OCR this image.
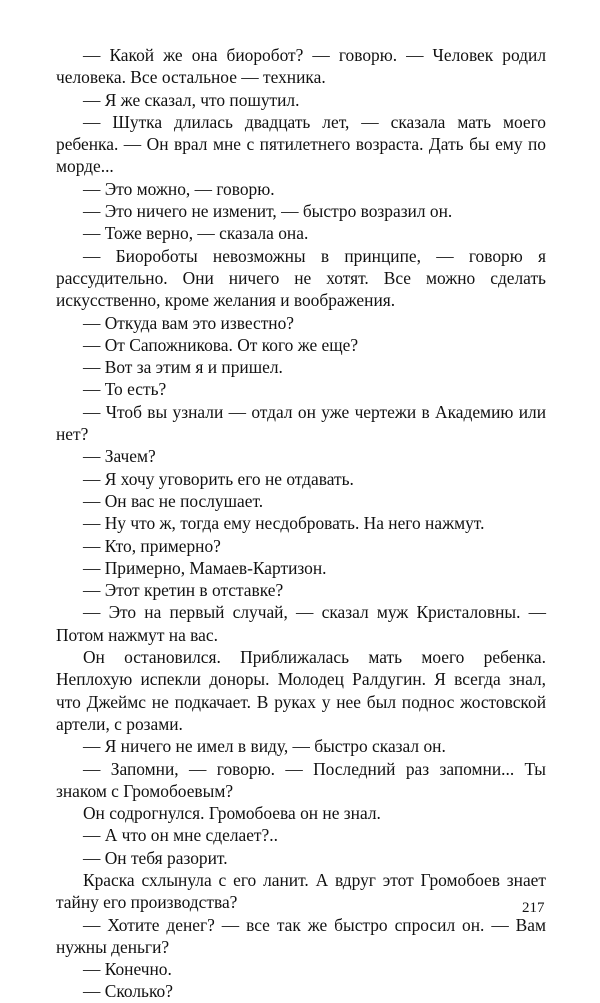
— Какой же она биоробот? — говорю. — Человек родил человека. Все остальное — техника.

— Я же сказал, что пошутил.

— Шутка длилась двадцать лет, — сказала мать моего ребенка. — Он врал мне с пятилетнего возраста. Дать бы ему по морде...

— Это можно, — говорю.

— Это ничего не изменит, — быстро возразил он.

— Тоже верно, — сказала она.

— Биороботы невозможны в принципе, — говорю я рассудительно. Они ничего не хотят. Все можно сделать искусственно, кроме желания и воображения.

— Откуда вам это известно?

— От Сапожникова. От кого же еще?

— Вот за этим я и пришел.

— То есть?

— Чтоб вы узнали — отдал он уже чертежи в Академию или нет?

— Зачем?

— Я хочу уговорить его не отдавать.

— Он вас не послушает.

— Ну что ж, тогда ему несдобровать. На него нажмут.

— Кто, примерно?

— Примерно, Мамаев-Картизон.

— Этот кретин в отставке?

— Это на первый случай, — сказал муж Кристаловны. — Потом нажмут на вас.

Он остановился. Приближалась мать моего ребенка. Неплохую испекли доноры. Молодец Ралдугин. Я всегда знал, что Джеймс не подкачает. В руках у нее был поднос жостовской артели, с розами.

— Я ничего не имел в виду, — быстро сказал он.

— Запомни, — говорю. — Последний раз запомни... Ты знаком с Громобоевым?

Он содрогнулся. Громобоева он не знал.

— А что он мне сделает?..

— Он тебя разорит.

Краска схлынула с его ланит. А вдруг этот Громобоев знает тайну его производства?

— Хотите денег? — все так же быстро спросил он. — Вам нужны деньги?

— Конечно.

— Сколько?

217
